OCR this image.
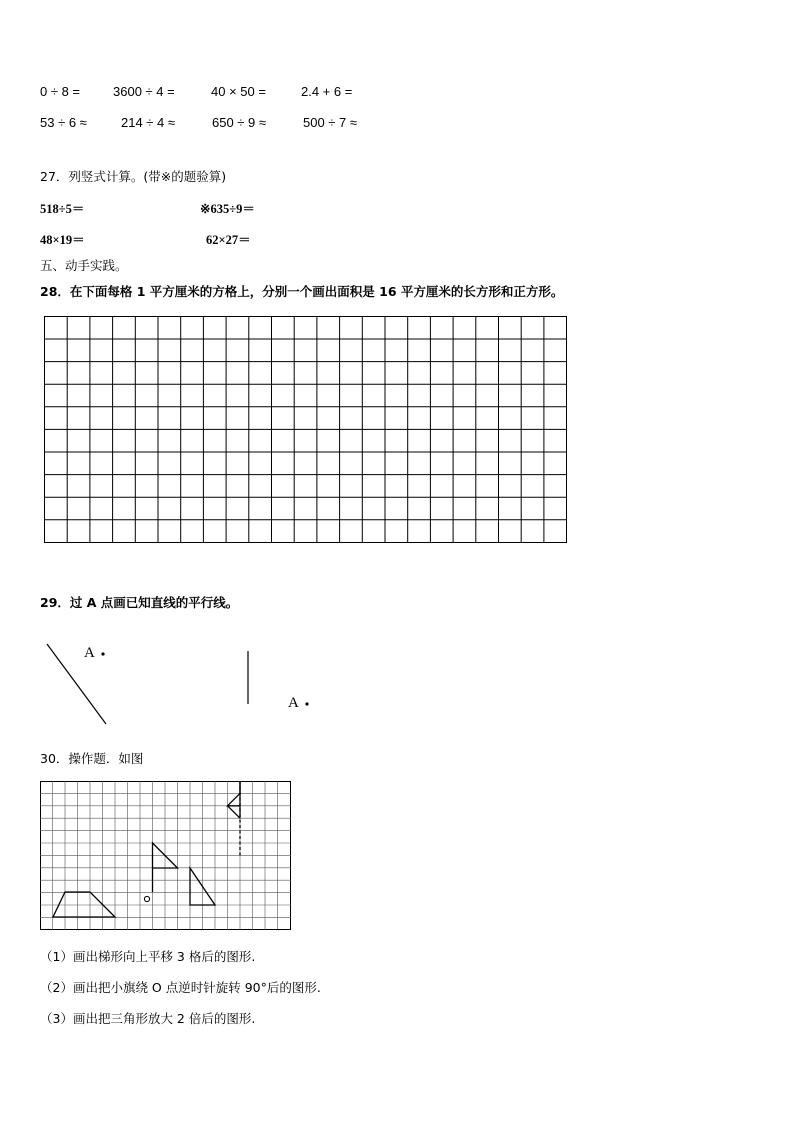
0 ÷ 8 =	3600 ÷ 4 =	40 × 50 =	2.4 + 6 =
53 ÷ 6 ≈	214 ÷ 4 ≈	650 ÷ 9 ≈	500 ÷ 7 ≈
27．列竖式计算。(带※的题验算)
518÷5＝	※635÷9＝
48×19＝	62×27＝
五、动手实践。
28．在下面每格 1 平方厘米的方格上，分别一个画出面积是 16 平方厘米的长方形和正方形。
29．过 A 点画已知直线的平行线。
A
A
30．操作题．如图
（1）画出梯形向上平移 3 格后的图形.
（2）画出把小旗绕 O 点逆时针旋转 90°后的图形.
（3）画出把三角形放大 2 倍后的图形.
